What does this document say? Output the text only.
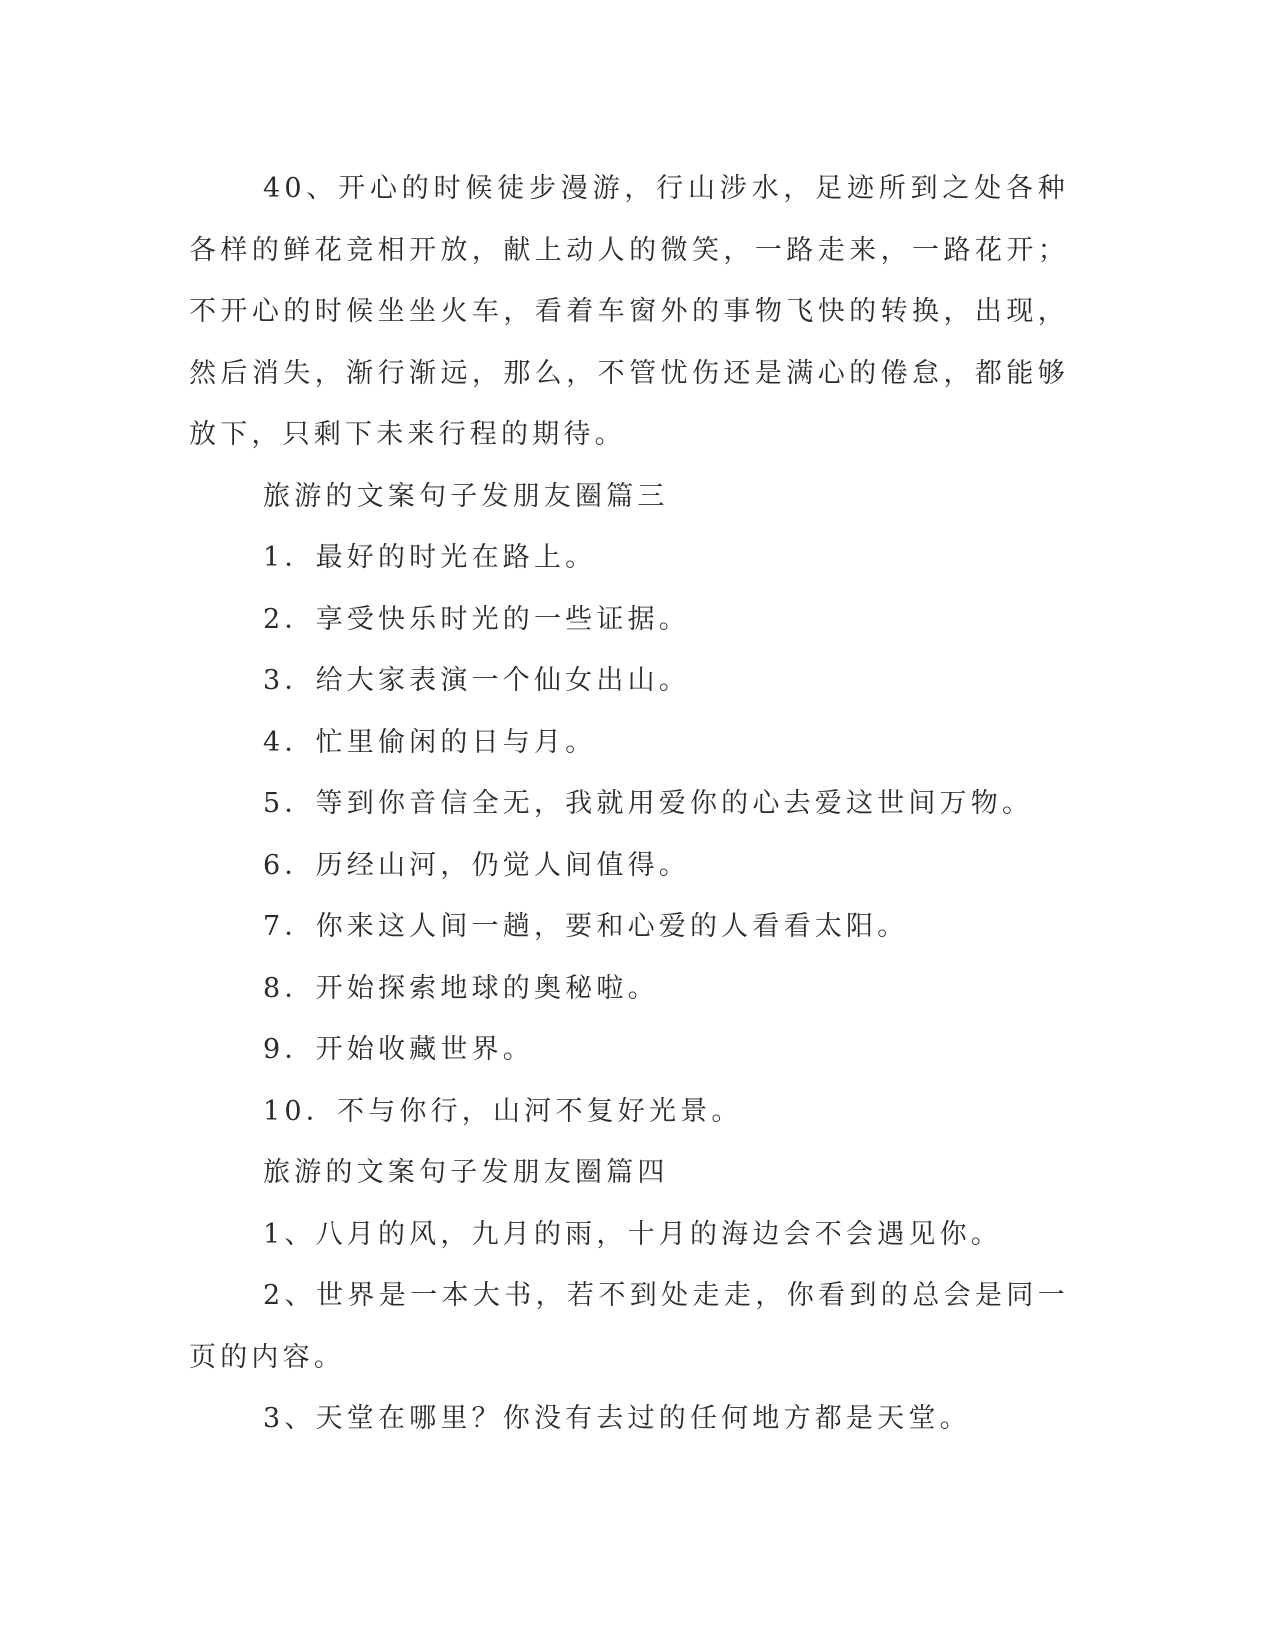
40、开心的时候徒步漫游，行山涉水，足迹所到之处各种各样的鲜花竞相开放，献上动人的微笑，一路走来，一路花开；不开心的时候坐坐火车，看着车窗外的事物飞快的转换，出现，然后消失，渐行渐远，那么，不管忧伤还是满心的倦怠，都能够放下，只剩下未来行程的期待。

旅游的文案句子发朋友圈篇三

1．最好的时光在路上。

2．享受快乐时光的一些证据。

3．给大家表演一个仙女出山。

4．忙里偷闲的日与月。

5．等到你音信全无，我就用爱你的心去爱这世间万物。

6．历经山河，仍觉人间值得。

7．你来这人间一趟，要和心爱的人看看太阳。

8．开始探索地球的奥秘啦。

9．开始收藏世界。

10．不与你行，山河不复好光景。

旅游的文案句子发朋友圈篇四

1、八月的风，九月的雨，十月的海边会不会遇见你。

2、世界是一本大书，若不到处走走，你看到的总会是同一页的内容。

3、天堂在哪里？你没有去过的任何地方都是天堂。
